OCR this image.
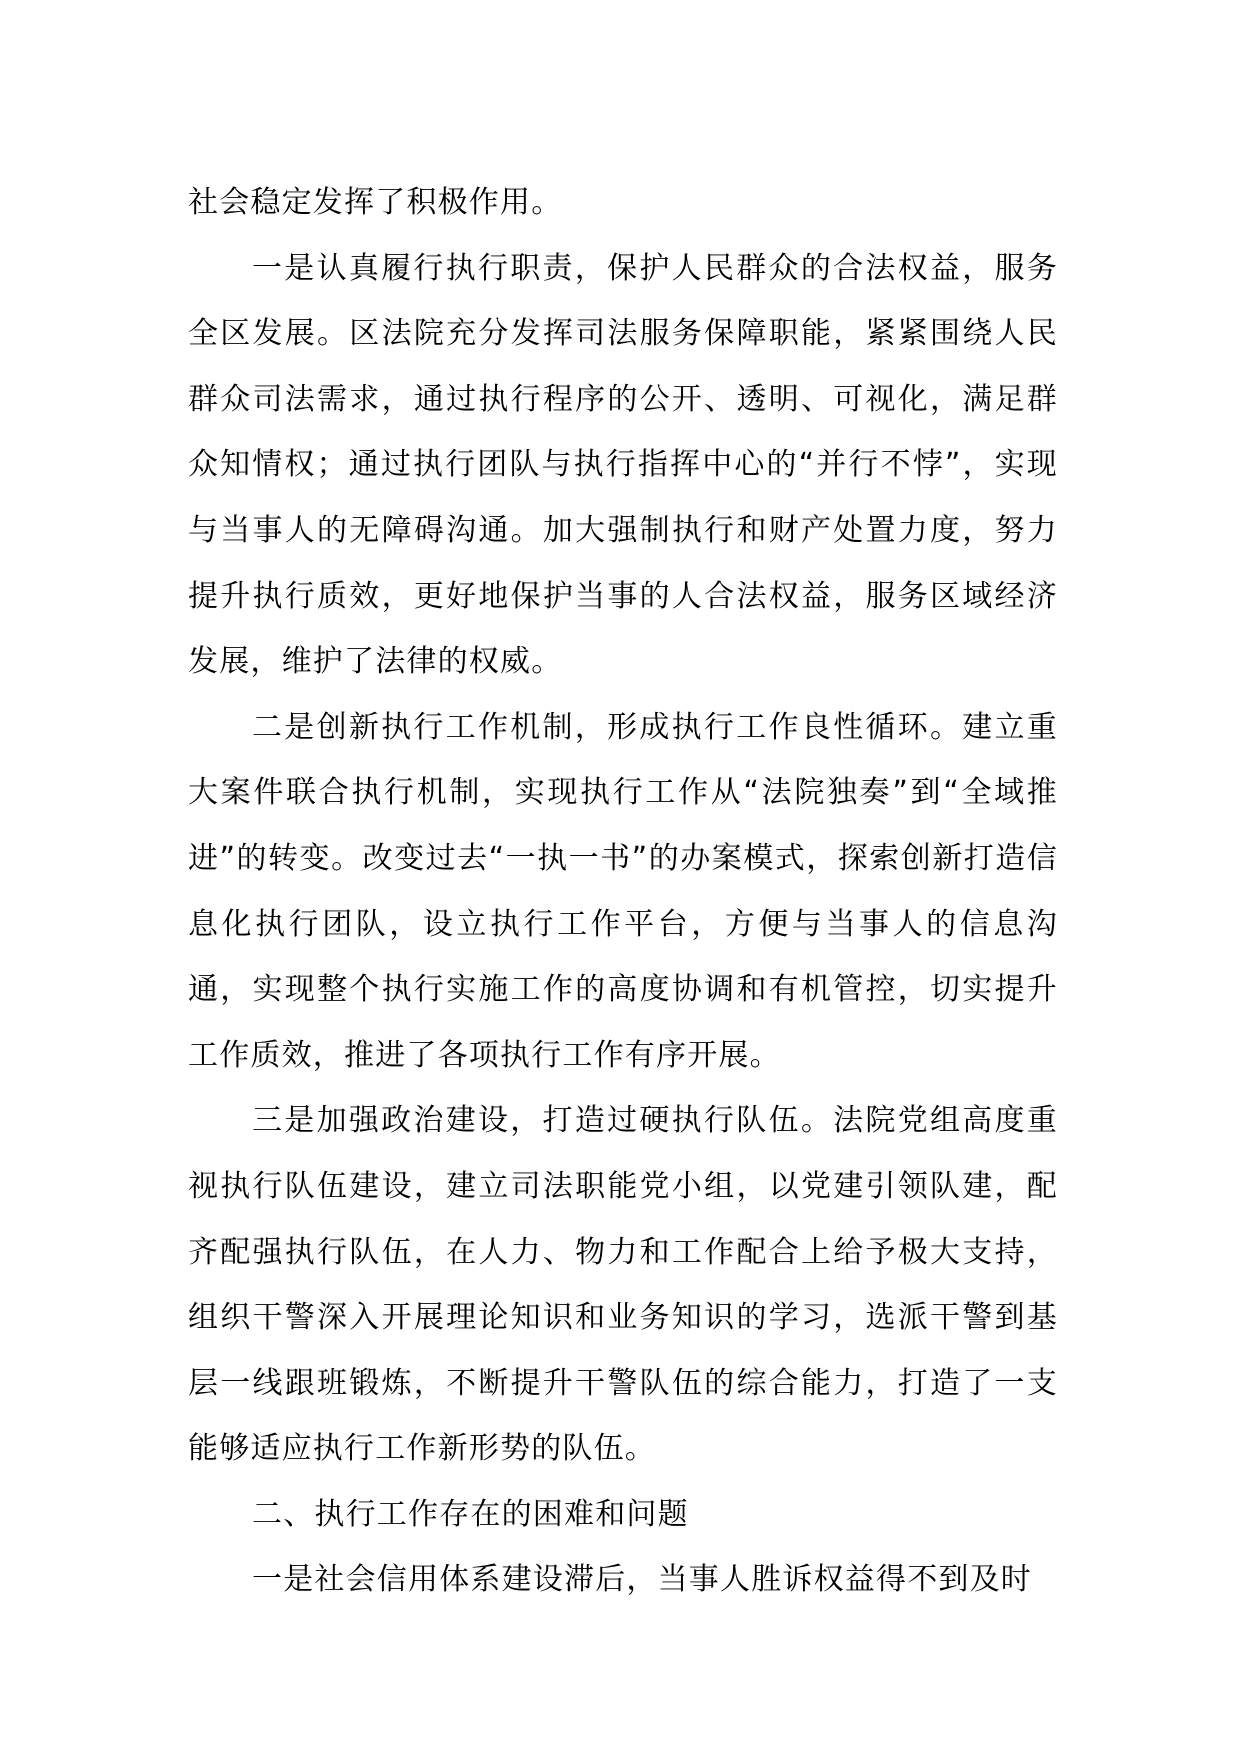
社会稳定发挥了积极作用。

一是认真履行执行职责，保护人民群众的合法权益，服务全区发展。区法院充分发挥司法服务保障职能，紧紧围绕人民群众司法需求，通过执行程序的公开、透明、可视化，满足群众知情权；通过执行团队与执行指挥中心的“并行不悖”，实现与当事人的无障碍沟通。加大强制执行和财产处置力度，努力提升执行质效，更好地保护当事的人合法权益，服务区域经济发展，维护了法律的权威。

二是创新执行工作机制，形成执行工作良性循环。建立重大案件联合执行机制，实现执行工作从“法院独奏”到“全域推进”的转变。改变过去“一执一书”的办案模式，探索创新打造信息化执行团队，设立执行工作平台，方便与当事人的信息沟通，实现整个执行实施工作的高度协调和有机管控，切实提升工作质效，推进了各项执行工作有序开展。

三是加强政治建设，打造过硬执行队伍。法院党组高度重视执行队伍建设，建立司法职能党小组，以党建引领队建，配齐配强执行队伍，在人力、物力和工作配合上给予极大支持，组织干警深入开展理论知识和业务知识的学习，选派干警到基层一线跟班锻炼，不断提升干警队伍的综合能力，打造了一支能够适应执行工作新形势的队伍。

二、执行工作存在的困难和问题

一是社会信用体系建设滞后，当事人胜诉权益得不到及时
